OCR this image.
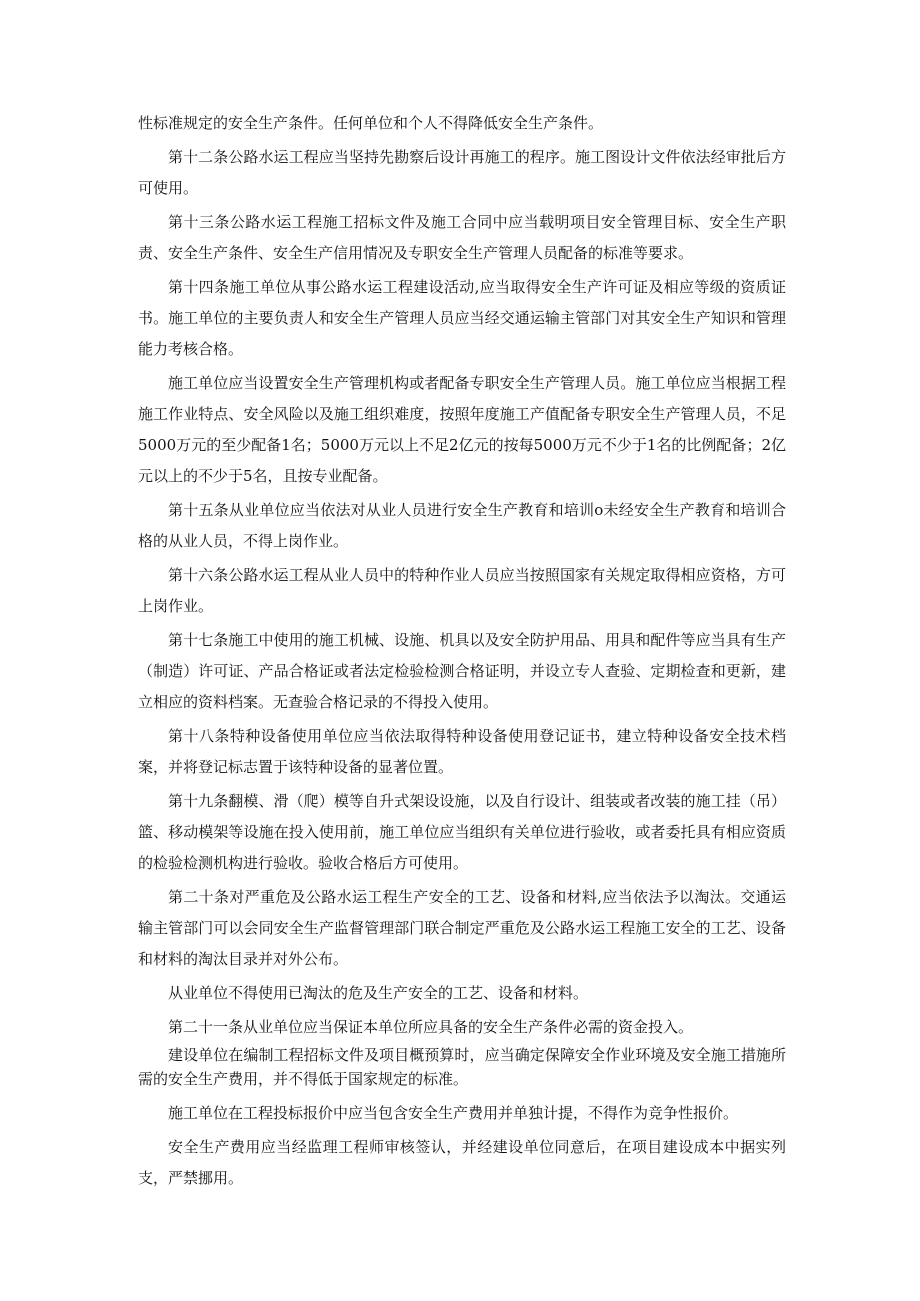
性标准规定的安全生产条件。任何单位和个人不得降低安全生产条件。

第十二条公路水运工程应当坚持先勘察后设计再施工的程序。施工图设计文件依法经审批后方可使用。

第十三条公路水运工程施工招标文件及施工合同中应当载明项目安全管理目标、安全生产职责、安全生产条件、安全生产信用情况及专职安全生产管理人员配备的标准等要求。

第十四条施工单位从事公路水运工程建设活动,应当取得安全生产许可证及相应等级的资质证书。施工单位的主要负责人和安全生产管理人员应当经交通运输主管部门对其安全生产知识和管理能力考核合格。

施工单位应当设置安全生产管理机构或者配备专职安全生产管理人员。施工单位应当根据工程施工作业特点、安全风险以及施工组织难度，按照年度施工产值配备专职安全生产管理人员，不足5000万元的至少配备1名；5000万元以上不足2亿元的按每5000万元不少于1名的比例配备；2亿元以上的不少于5名，且按专业配备。

第十五条从业单位应当依法对从业人员进行安全生产教育和培训o未经安全生产教育和培训合格的从业人员，不得上岗作业。

第十六条公路水运工程从业人员中的特种作业人员应当按照国家有关规定取得相应资格，方可上岗作业。

第十七条施工中使用的施工机械、设施、机具以及安全防护用品、用具和配件等应当具有生产（制造）许可证、产品合格证或者法定检验检测合格证明，并设立专人查验、定期检查和更新，建立相应的资料档案。无查验合格记录的不得投入使用。

第十八条特种设备使用单位应当依法取得特种设备使用登记证书，建立特种设备安全技术档案，并将登记标志置于该特种设备的显著位置。

第十九条翻模、滑（爬）模等自升式架设设施，以及自行设计、组装或者改装的施工挂（吊）篮、移动模架等设施在投入使用前，施工单位应当组织有关单位进行验收，或者委托具有相应资质的检验检测机构进行验收。验收合格后方可使用。

第二十条对严重危及公路水运工程生产安全的工艺、设备和材料,应当依法予以淘汰。交通运输主管部门可以会同安全生产监督管理部门联合制定严重危及公路水运工程施工安全的工艺、设备和材料的淘汰目录并对外公布。

从业单位不得使用已淘汰的危及生产安全的工艺、设备和材料。

第二十一条从业单位应当保证本单位所应具备的安全生产条件必需的资金投入。

建设单位在编制工程招标文件及项目概预算时，应当确定保障安全作业环境及安全施工措施所需的安全生产费用，并不得低于国家规定的标准。

施工单位在工程投标报价中应当包含安全生产费用并单独计提，不得作为竞争性报价。

安全生产费用应当经监理工程师审核签认，并经建设单位同意后，在项目建设成本中据实列支，严禁挪用。
